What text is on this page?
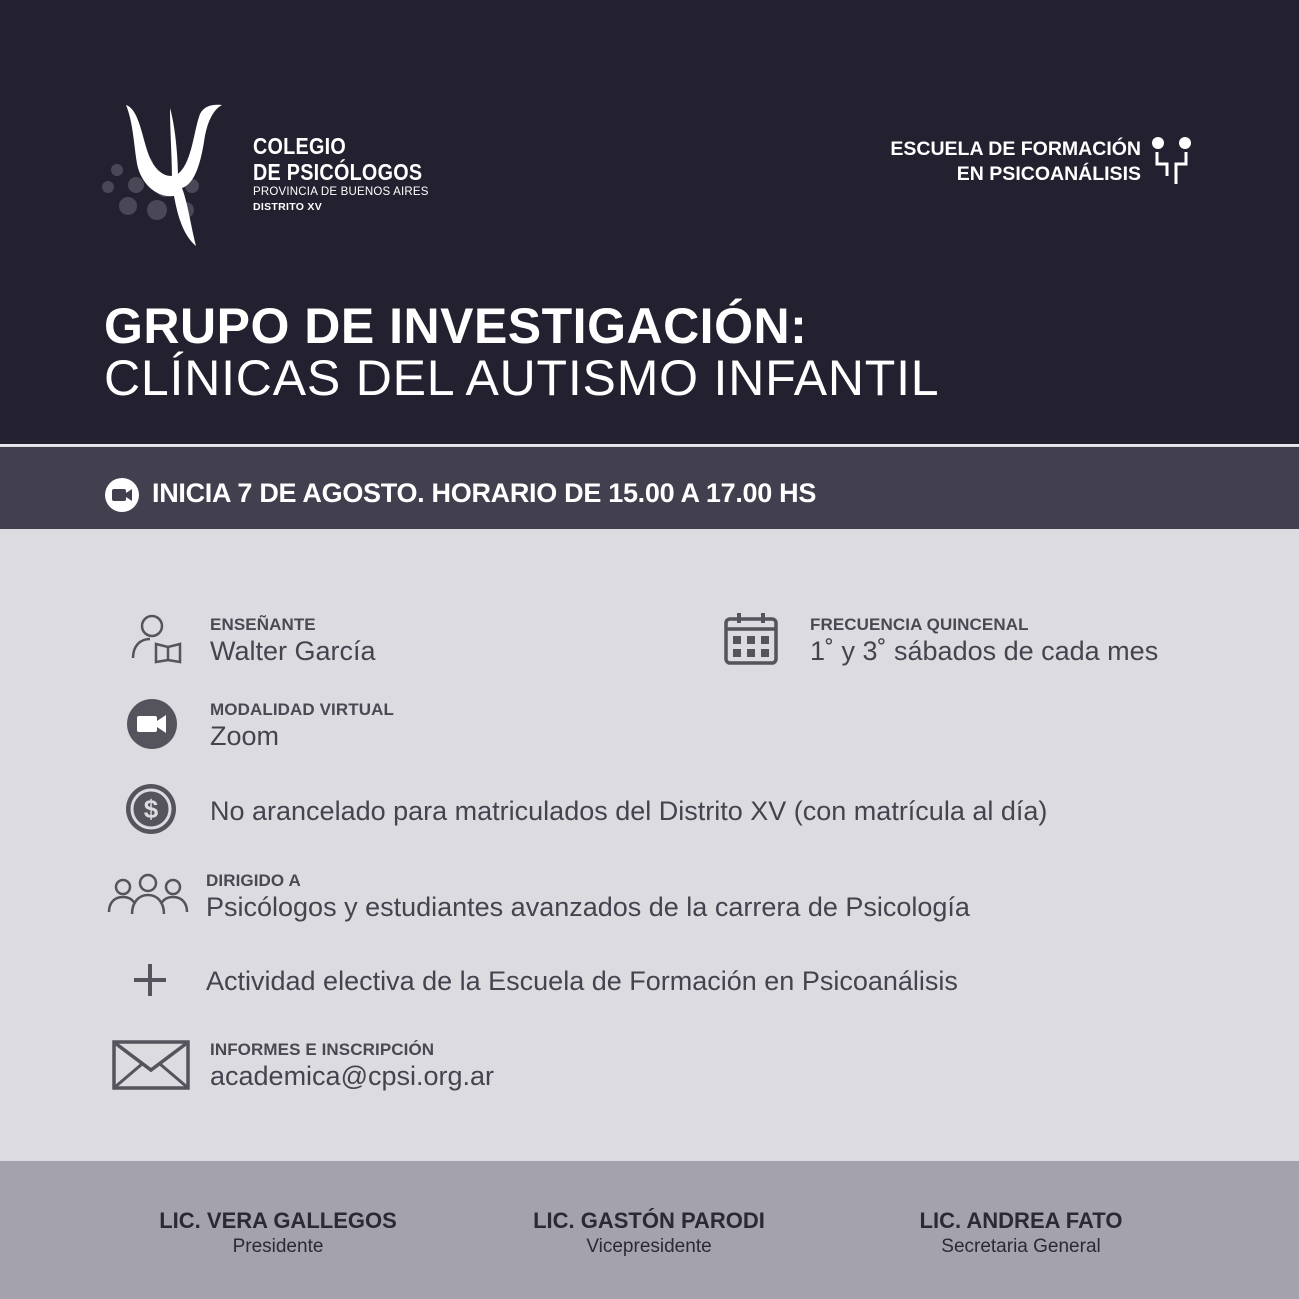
COLEGIO
DE PSICÓLOGOS
PROVINCIA DE BUENOS AIRES
DISTRITO XV
ESCUELA DE FORMACIÓN
EN PSICOANÁLISIS
GRUPO DE INVESTIGACIÓN:
CLÍNICAS DEL AUTISMO INFANTIL
INICIA 7 DE AGOSTO. HORARIO DE 15.00 A 17.00 HS
ENSEÑANTE
Walter García
FRECUENCIA QUINCENAL
1˚ y 3˚ sábados de cada mes
MODALIDAD VIRTUAL
Zoom
$ No arancelado para matriculados del Distrito XV (con matrícula al día)
DIRIGIDO A
Psicólogos y estudiantes avanzados de la carrera de Psicología
Actividad electiva de la Escuela de Formación en Psicoanálisis
INFORMES E INSCRIPCIÓN
academica@cpsi.org.ar
LIC. VERA GALLEGOS
Presidente
LIC. GASTÓN PARODI
Vicepresidente
LIC. ANDREA FATO
Secretaria General
